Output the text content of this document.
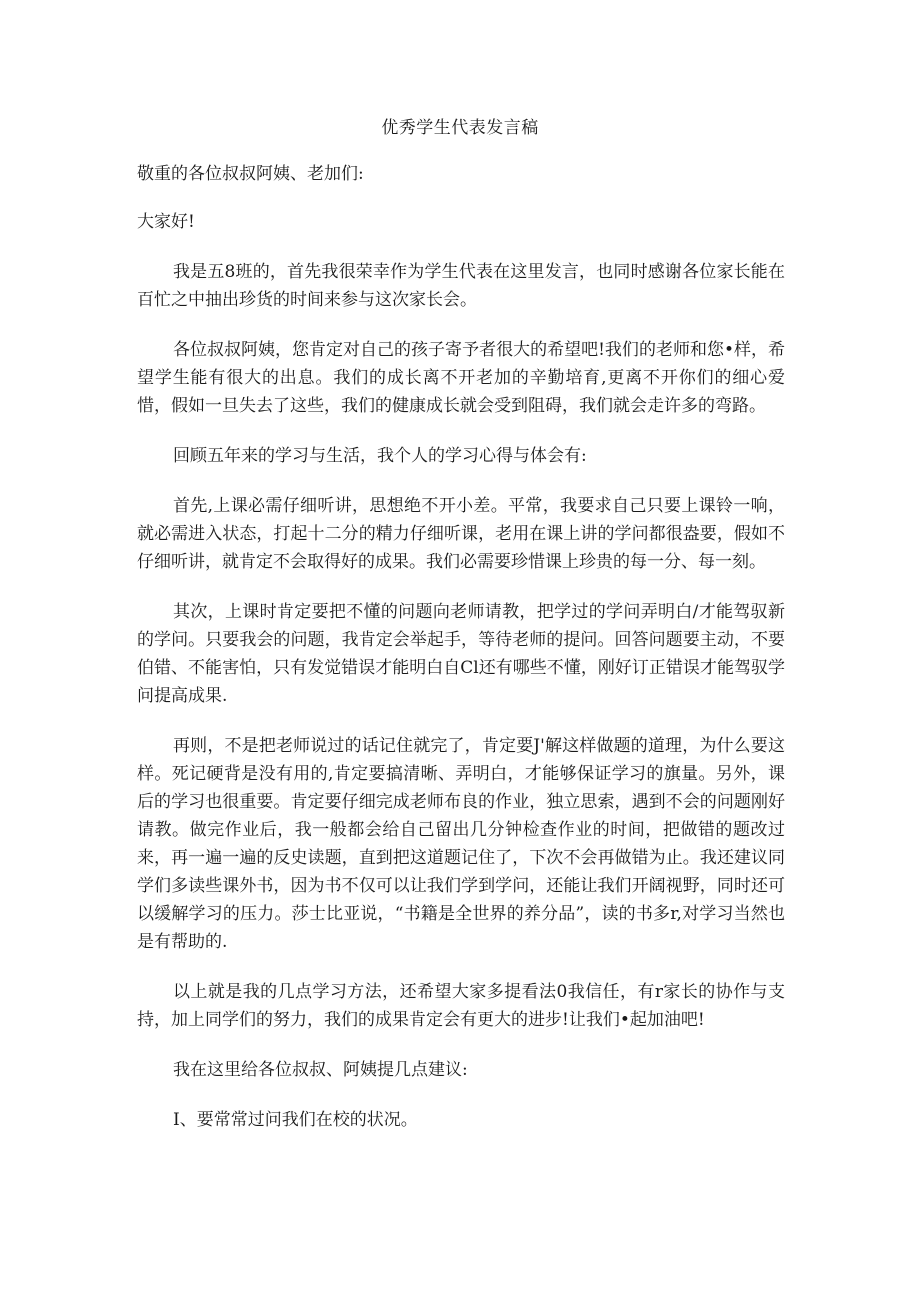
优秀学生代表发言稿

敬重的各位叔叔阿姨、老加们:

大家好!

我是五8班的，首先我很荣幸作为学生代表在这里发言，也同时感谢各位家长能在百忙之中抽出珍货的时间来参与这次家长会。

各位叔叔阿姨，您肯定对自己的孩子寄予者很大的希望吧!我们的老师和您•样，希望学生能有很大的出息。我们的成长离不开老加的辛勤培育,更离不开你们的细心爱惜，假如一旦失去了这些，我们的健康成长就会受到阻碍，我们就会走许多的弯路。

回顾五年来的学习与生活，我个人的学习心得与体会有:

首先,上课必需仔细听讲，思想绝不开小差。平常，我要求自己只要上课铃一响，就必需进入状态，打起十二分的精力仔细听课，老用在课上讲的学问都很盎要，假如不仔细听讲，就肯定不会取得好的成果。我们必需要珍惜课上珍贵的每一分、每一刻。

其次，上课时肯定要把不懂的问题向老师请教，把学过的学问弄明白/才能驾驭新的学问。只要我会的问题，我肯定会举起手，等待老师的提问。回答问题要主动，不要伯错、不能害怕，只有发觉错误才能明白自Cl还有哪些不懂，刚好订正错误才能驾驭学问提高成果.

再则，不是把老师说过的话记住就完了，肯定要J'解这样做题的道理，为什么要这样。死记硬背是没有用的,肯定要搞清晰、弄明白，才能够保证学习的旗量。另外，课后的学习也很重要。肯定要仔细完成老师布良的作业，独立思索，遇到不会的问题刚好请教。做完作业后，我一般都会给自己留出几分钟检查作业的时间，把做错的题改过来，再一遍一遍的反史读题，直到把这道题记住了，下次不会再做错为止。我还建议同学们多读些课外书，因为书不仅可以让我们学到学问，还能让我们开阔视野，同时还可以缓解学习的压力。莎士比亚说，“书籍是全世界的养分品”，读的书多r,对学习当然也是有帮助的.

以上就是我的几点学习方法，还希望大家多提看法0我信任，有r家长的协作与支持，加上同学们的努力，我们的成果肯定会有更大的进步!让我们•起加油吧!

我在这里给各位叔叔、阿姨提几点建议:

I、要常常过问我们在校的状况。
